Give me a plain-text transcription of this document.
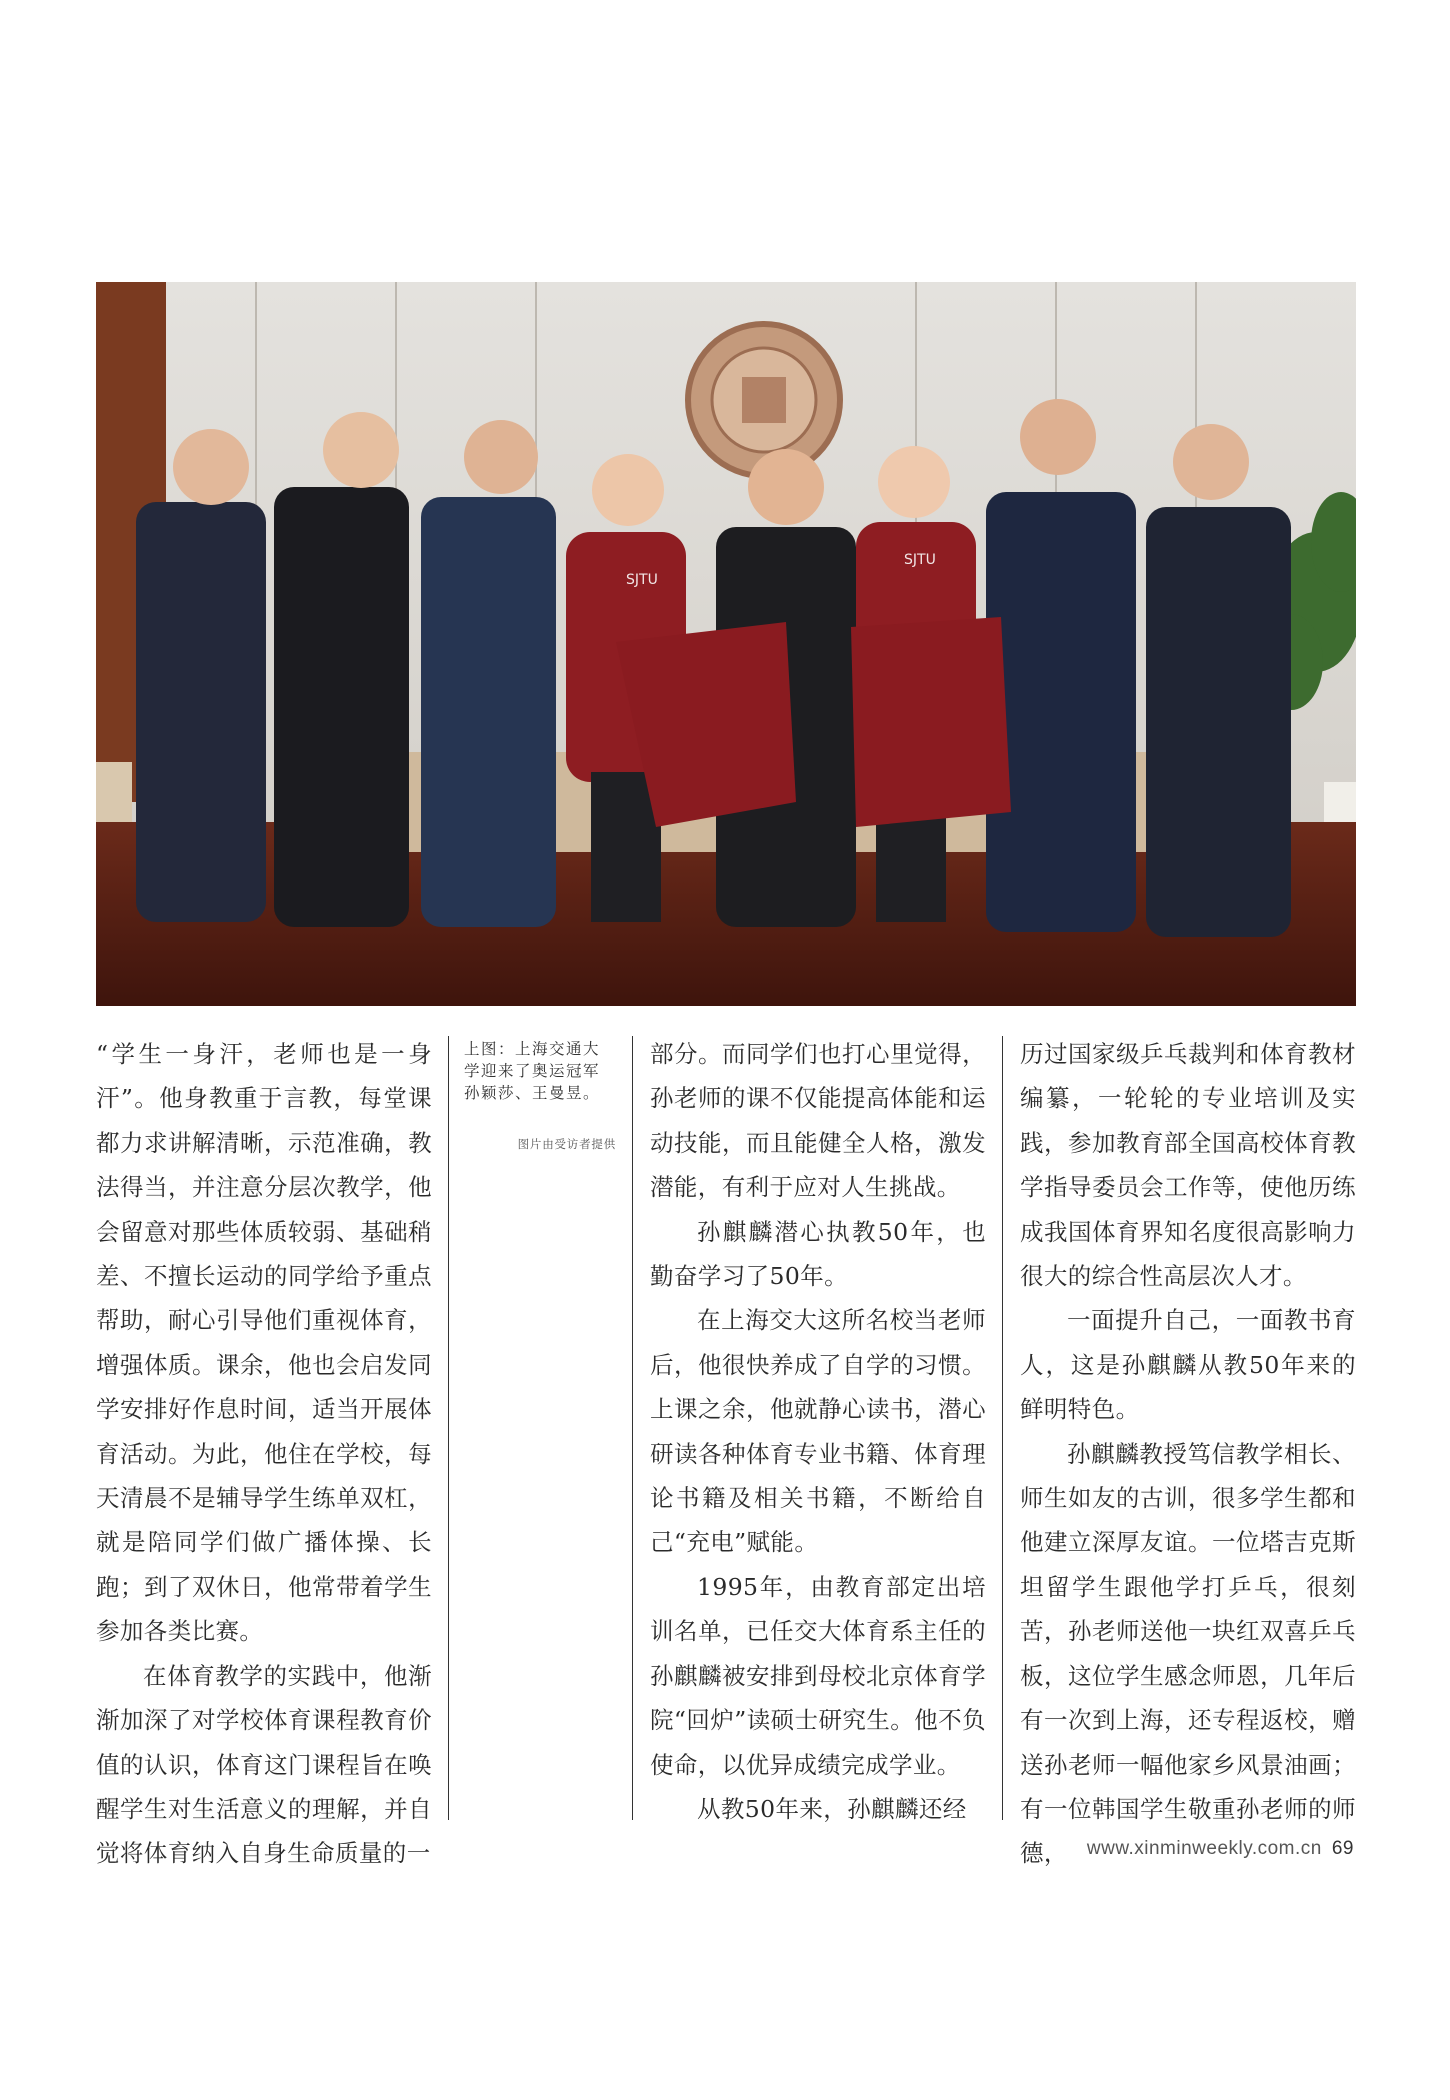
SJTU
SJTU

“学生一身汗，老师也是一身汗”。他身教重于言教，每堂课都力求讲解清晰，示范准确，教法得当，并注意分层次教学，他会留意对那些体质较弱、基础稍差、不擅长运动的同学给予重点帮助，耐心引导他们重视体育，增强体质。课余，他也会启发同学安排好作息时间，适当开展体育活动。为此，他住在学校，每天清晨不是辅导学生练单双杠，就是陪同学们做广播体操、长跑；到了双休日，他常带着学生参加各类比赛。

在体育教学的实践中，他渐渐加深了对学校体育课程教育价值的认识，体育这门课程旨在唤醒学生对生活意义的理解，并自觉将体育纳入自身生命质量的一

上图：上海交通大学迎来了奥运冠军孙颖莎、王曼昱。
图片由受访者提供

部分。而同学们也打心里觉得，孙老师的课不仅能提高体能和运动技能，而且能健全人格，激发潜能，有利于应对人生挑战。

孙麒麟潜心执教50年，也勤奋学习了50年。

在上海交大这所名校当老师后，他很快养成了自学的习惯。上课之余，他就静心读书，潜心研读各种体育专业书籍、体育理论书籍及相关书籍，不断给自己“充电”赋能。

1995年，由教育部定出培训名单，已任交大体育系主任的孙麒麟被安排到母校北京体育学院“回炉”读硕士研究生。他不负使命，以优异成绩完成学业。

从教50年来，孙麒麟还经

历过国家级乒乓裁判和体育教材编纂，一轮轮的专业培训及实践，参加教育部全国高校体育教学指导委员会工作等，使他历练成我国体育界知名度很高影响力很大的综合性高层次人才。

一面提升自己，一面教书育人，这是孙麒麟从教50年来的鲜明特色。

孙麒麟教授笃信教学相长、师生如友的古训，很多学生都和他建立深厚友谊。一位塔吉克斯坦留学生跟他学打乒乓，很刻苦，孙老师送他一块红双喜乒乓板，这位学生感念师恩，几年后有一次到上海，还专程返校，赠送孙老师一幅他家乡风景油画；有一位韩国学生敬重孙老师的师德，	www.xinminweekly.com.cn 69
